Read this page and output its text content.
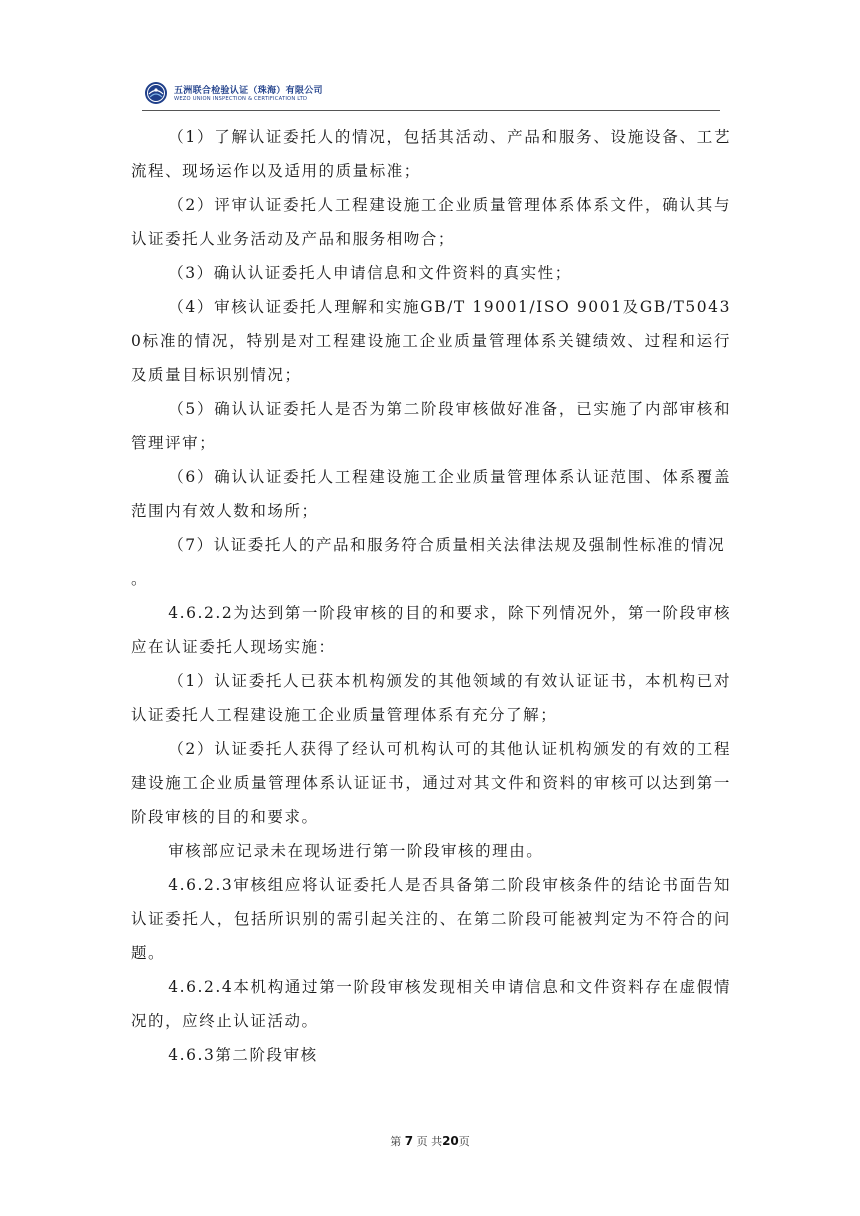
五洲联合检验认证（珠海）有限公司
WEZO UNION INSPECTION & CERTIFICATION LTD

（1）了解认证委托人的情况，包括其活动、产品和服务、设施设备、工艺流程、现场运作以及适用的质量标准；

（2）评审认证委托人工程建设施工企业质量管理体系体系文件，确认其与认证委托人业务活动及产品和服务相吻合；

（3）确认认证委托人申请信息和文件资料的真实性；

（4）审核认证委托人理解和实施GB/T 19001/ISO 9001及GB/T50430标准的情况，特别是对工程建设施工企业质量管理体系关键绩效、过程和运行及质量目标识别情况；

（5）确认认证委托人是否为第二阶段审核做好准备，已实施了内部审核和管理评审；

（6）确认认证委托人工程建设施工企业质量管理体系认证范围、体系覆盖范围内有效人数和场所；

（7）认证委托人的产品和服务符合质量相关法律法规及强制性标准的情况

。

4.6.2.2为达到第一阶段审核的目的和要求，除下列情况外，第一阶段审核应在认证委托人现场实施：

（1）认证委托人已获本机构颁发的其他领域的有效认证证书，本机构已对认证委托人工程建设施工企业质量管理体系有充分了解；

（2）认证委托人获得了经认可机构认可的其他认证机构颁发的有效的工程建设施工企业质量管理体系认证证书，通过对其文件和资料的审核可以达到第一阶段审核的目的和要求。

审核部应记录未在现场进行第一阶段审核的理由。

4.6.2.3审核组应将认证委托人是否具备第二阶段审核条件的结论书面告知认证委托人，包括所识别的需引起关注的、在第二阶段可能被判定为不符合的问题。

4.6.2.4本机构通过第一阶段审核发现相关申请信息和文件资料存在虚假情况的，应终止认证活动。

4.6.3第二阶段审核

第 7 页 共20页
